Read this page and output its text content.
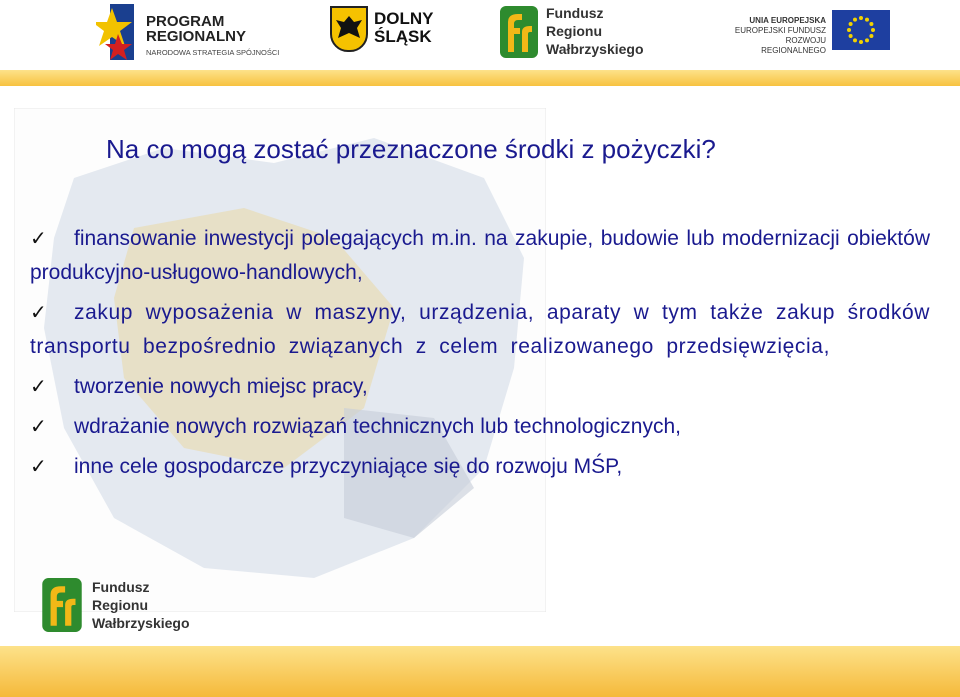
PROGRAM
REGIONALNY
NARODOWA STRATEGIA SPÓJNOŚCI
DOLNY
ŚLĄSK
Fundusz
Regionu
Wałbrzyskiego
UNIA EUROPEJSKA
EUROPEJSKI FUNDUSZ
ROZWOJU REGIONALNEGO
Na co mogą zostać przeznaczone środki z pożyczki?
✓ finansowanie inwestycji polegających m.in. na zakupie, budowie lub modernizacji obiektów produkcyjno-usługowo-handlowych,
✓ zakup wyposażenia w maszyny, urządzenia, aparaty w tym także zakup środków transportu bezpośrednio związanych z celem realizowanego przedsięwzięcia,
✓ tworzenie nowych miejsc pracy,
✓ wdrażanie nowych rozwiązań technicznych lub technologicznych,
✓ inne cele gospodarcze przyczyniające się do rozwoju MŚP,
Fundusz
Regionu
Wałbrzyskiego
